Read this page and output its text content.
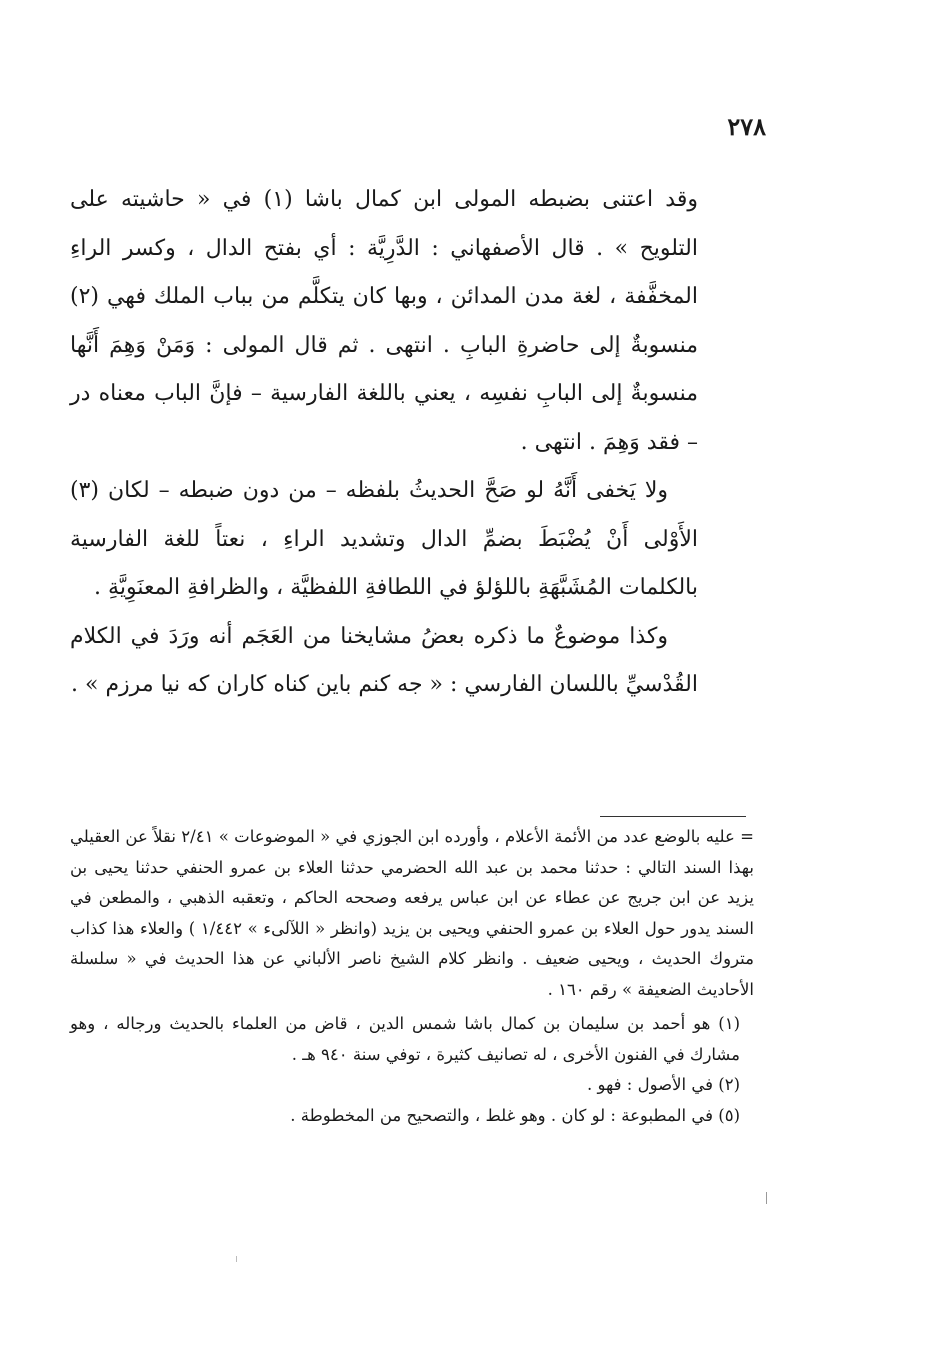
٢٧٨

وقد اعتنى بضبطه المولى ابن كمال باشا (١) في « حاشيته على التلويح » . قال الأصفهاني : الدَّرِيَّة : أي بفتح الدال ، وكسر الراءِ المخفَّفة ، لغة مدن المدائن ، وبها كان يتكلَّم من بباب الملك فهي (٢) منسوبةٌ إلى حاضرةِ البابِ . انتهى . ثم قال المولى : وَمَنْ وَهِمَ أَنَّها منسوبةٌ إلى البابِ نفسِه ، يعني باللغة الفارسية – فإنَّ الباب معناه در – فقد وَهِمَ . انتهى .

ولا يَخفى أَنَّهُ لو صَحَّ الحديثُ بلفظه – من دون ضبطه – لكان (٣) الأَوْلى أَنْ يُضْبَطَ بضمِّ الدال وتشديد الراءِ ، نعتاً للغة الفارسية بالكلمات المُشَبَّهَةِ باللؤلؤ في اللطافةِ اللفظيَّة ، والظرافةِ المعنَوِيَّةِ .

وكذا موضوعٌ ما ذكره بعضُ مشايخنا من العَجَم أنه ورَدَ في الكلام القُدْسيِّ باللسان الفارسي : « جه كنم باين كناه كاران كه نيا مرزم » .

= عليه بالوضع عدد من الأئمة الأعلام ، وأورده ابن الجوزي في « الموضوعات » ٢/٤١ نقلاً عن العقيلي بهذا السند التالي : حدثنا محمد بن عبد الله الحضرمي حدثنا العلاء بن عمرو الحنفي حدثنا يحيى بن يزيد عن ابن جريج عن عطاء عن ابن عباس يرفعه وصححه الحاكم ، وتعقبه الذهبي ، والمطعن في السند يدور حول العلاء بن عمرو الحنفي ويحيى بن يزيد (وانظر « اللآلىء » ١/٤٤٢ ) والعلاء هذا كذاب متروك الحديث ، ويحيى ضعيف . وانظر كلام الشيخ ناصر الألباني عن هذا الحديث في « سلسلة الأحاديث الضعيفة » رقم ١٦٠ .

(١) هو أحمد بن سليمان بن كمال باشا شمس الدين ، قاض من العلماء بالحديث ورجاله ، وهو مشارك في الفنون الأخرى ، له تصانيف كثيرة ، توفي سنة ٩٤٠ هـ .

(٢) في الأصول : فهو .

(٥) في المطبوعة : لو كان . وهو غلط ، والتصحيح من المخطوطة .
